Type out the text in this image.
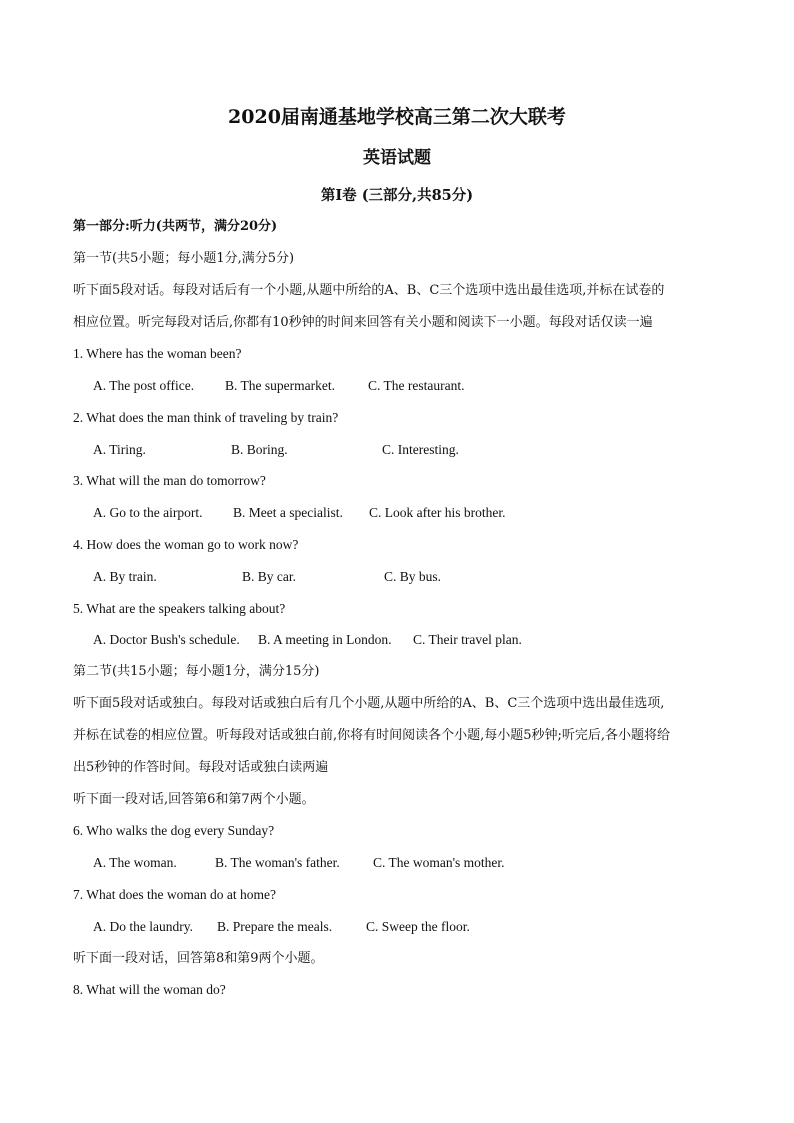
2020届南通基地学校高三第二次大联考
英语试题
第I卷 (三部分,共85分)
第一部分:听力(共两节，满分20分)
第一节(共5小题；每小题1分,满分5分)
听下面5段对话。每段对话后有一个小题,从题中所给的A、B、C三个选项中选出最佳选项,并标在试卷的
相应位置。听完每段对话后,你都有10秒钟的时间来回答有关小题和阅读下一小题。每段对话仅读一遍
1. Where has the woman been?
A. The post office. B. The supermarket. C. The restaurant.
2. What does the man think of traveling by train?
A. Tiring.	B. Boring.	C. Interesting.
3. What will the man do tomorrow?
A. Go to the airport. B. Meet a specialist. C. Look after his brother.
4. How does the woman go to work now?
A. By train.	B. By car.	C. By bus.
5. What are the speakers talking about?
A. Doctor Bush's schedule. B. A meeting in London. C. Their travel plan.
第二节(共15小题；每小题1分，满分15分)
听下面5段对话或独白。每段对话或独白后有几个小题,从题中所给的A、B、C三个选项中选出最佳选项,
并标在试卷的相应位置。听每段对话或独白前,你将有时间阅读各个小题,每小题5秒钟;听完后,各小题将给
出5秒钟的作答时间。每段对话或独白读两遍
听下面一段对话,回答第6和第7两个小题。
6. Who walks the dog every Sunday?
A. The woman.	B. The woman's father. C. The woman's mother.
7. What does the woman do at home?
A. Do the laundry. B. Prepare the meals.	C. Sweep the floor.
听下面一段对话，回答第8和第9两个小题。
8. What will the woman do?
